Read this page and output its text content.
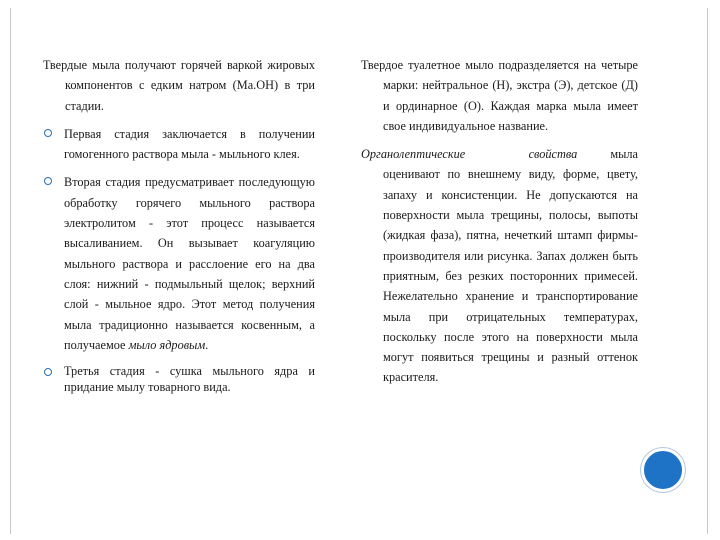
Твердые мыла получают горячей варкой жировых компонентов с едким натром (Ма.ОН) в три стадии.

Первая стадия заключается в получении гомогенного раствора мыла - мыльного клея.
Вторая стадия предусматривает последующую обработку горячего мыльного раствора электролитом - этот процесс называется высаливанием. Он вызывает коагуляцию мыльного раствора и расслоение его на два слоя: нижний - подмыльный щелок; верхний слой - мыльное ядро. Этот метод получения мыла традиционно называется косвенным, а получаемое мыло ядровым.
Третья стадия - сушка мыльного ядра и придание мылу товарного вида.

Твердое туалетное мыло подразделяется на четыре марки: нейтральное (Н), экстра (Э), детское (Д) и ординарное (О). Каждая марка мыла имеет свое индивидуальное название.

Органолептические свойства	мыла

оценивают по внешнему виду, форме, цвету, запаху и консистенции. Не допускаются на поверхности мыла трещины, полосы, выпоты (жидкая фаза), пятна, нечеткий штамп фирмы-производителя или рисунка. Запах должен быть приятным, без резких посторонних примесей. Нежелательно хранение и транспортирование мыла при отрицательных температурах, поскольку после этого на поверхности мыла могут появиться трещины и разный оттенок красителя.
